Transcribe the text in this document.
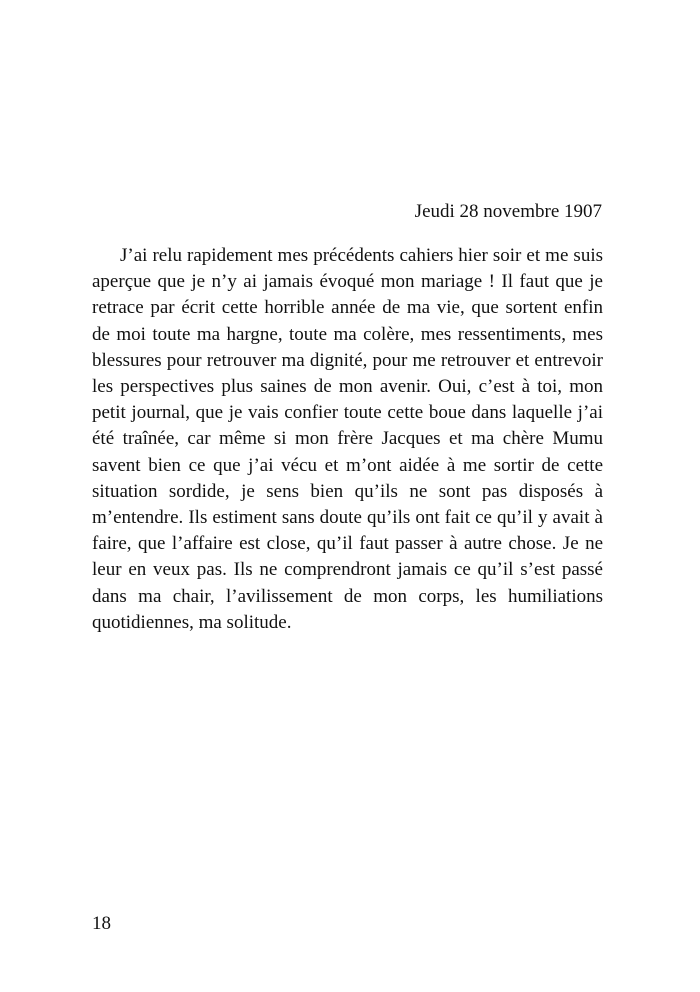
Jeudi 28 novembre 1907

J’ai relu rapidement mes précédents cahiers hier soir et me suis aperçue que je n’y ai jamais évoqué mon mariage ! Il faut que je retrace par écrit cette horrible année de ma vie, que sortent enfin de moi toute ma hargne, toute ma colère, mes ressentiments, mes blessures pour retrouver ma dignité, pour me retrouver et entrevoir les perspectives plus saines de mon avenir. Oui, c’est à toi, mon petit journal, que je vais confier toute cette boue dans laquelle j’ai été traînée, car même si mon frère Jacques et ma chère Mumu savent bien ce que j’ai vécu et m’ont aidée à me sortir de cette situation sordide, je sens bien qu’ils ne sont pas disposés à m’entendre. Ils estiment sans doute qu’ils ont fait ce qu’il y avait à faire, que l’affaire est close, qu’il faut passer à autre chose. Je ne leur en veux pas. Ils ne comprendront jamais ce qu’il s’est passé dans ma chair, l’avilissement de mon corps, les humiliations quotidiennes, ma solitude.

18
